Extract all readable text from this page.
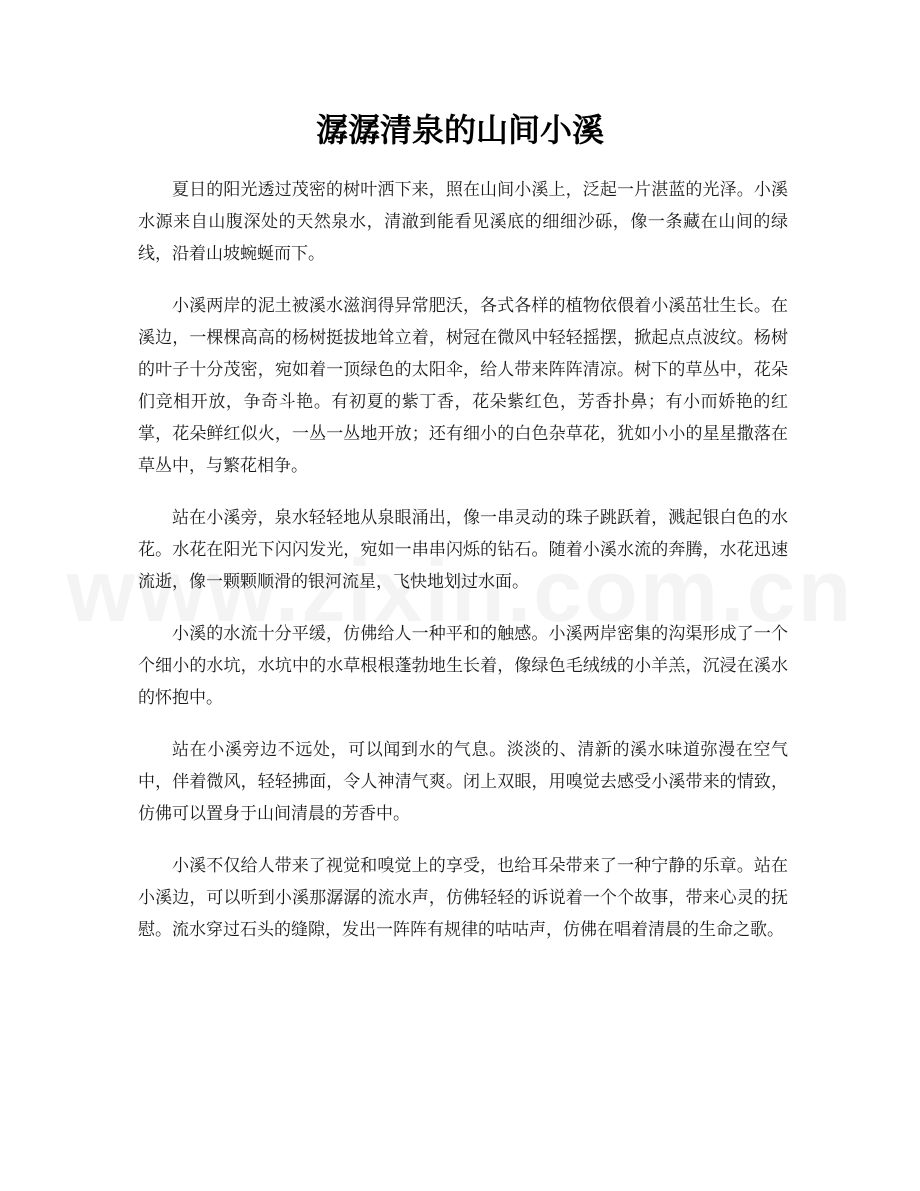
潺潺清泉的山间小溪

夏日的阳光透过茂密的树叶洒下来，照在山间小溪上，泛起一片湛蓝的光泽。小溪水源来自山腹深处的天然泉水，清澈到能看见溪底的细细沙砾，像一条藏在山间的绿线，沿着山坡蜿蜒而下。

小溪两岸的泥土被溪水滋润得异常肥沃，各式各样的植物依偎着小溪茁壮生长。在溪边，一棵棵高高的杨树挺拔地耸立着，树冠在微风中轻轻摇摆，掀起点点波纹。杨树的叶子十分茂密，宛如着一顶绿色的太阳伞，给人带来阵阵清凉。树下的草丛中，花朵们竞相开放，争奇斗艳。有初夏的紫丁香，花朵紫红色，芳香扑鼻；有小而娇艳的红掌，花朵鲜红似火，一丛一丛地开放；还有细小的白色杂草花，犹如小小的星星撒落在草丛中，与繁花相争。

站在小溪旁，泉水轻轻地从泉眼涌出，像一串灵动的珠子跳跃着，溅起银白色的水花。水花在阳光下闪闪发光，宛如一串串闪烁的钻石。随着小溪水流的奔腾，水花迅速流逝，像一颗颗顺滑的银河流星，飞快地划过水面。

小溪的水流十分平缓，仿佛给人一种平和的触感。小溪两岸密集的沟渠形成了一个个细小的水坑，水坑中的水草根根蓬勃地生长着，像绿色毛绒绒的小羊羔，沉浸在溪水的怀抱中。

站在小溪旁边不远处，可以闻到水的气息。淡淡的、清新的溪水味道弥漫在空气中，伴着微风，轻轻拂面，令人神清气爽。闭上双眼，用嗅觉去感受小溪带来的情致，仿佛可以置身于山间清晨的芳香中。

小溪不仅给人带来了视觉和嗅觉上的享受，也给耳朵带来了一种宁静的乐章。站在小溪边，可以听到小溪那潺潺的流水声，仿佛轻轻的诉说着一个个故事，带来心灵的抚慰。流水穿过石头的缝隙，发出一阵阵有规律的咕咕声，仿佛在唱着清晨的生命之歌。
